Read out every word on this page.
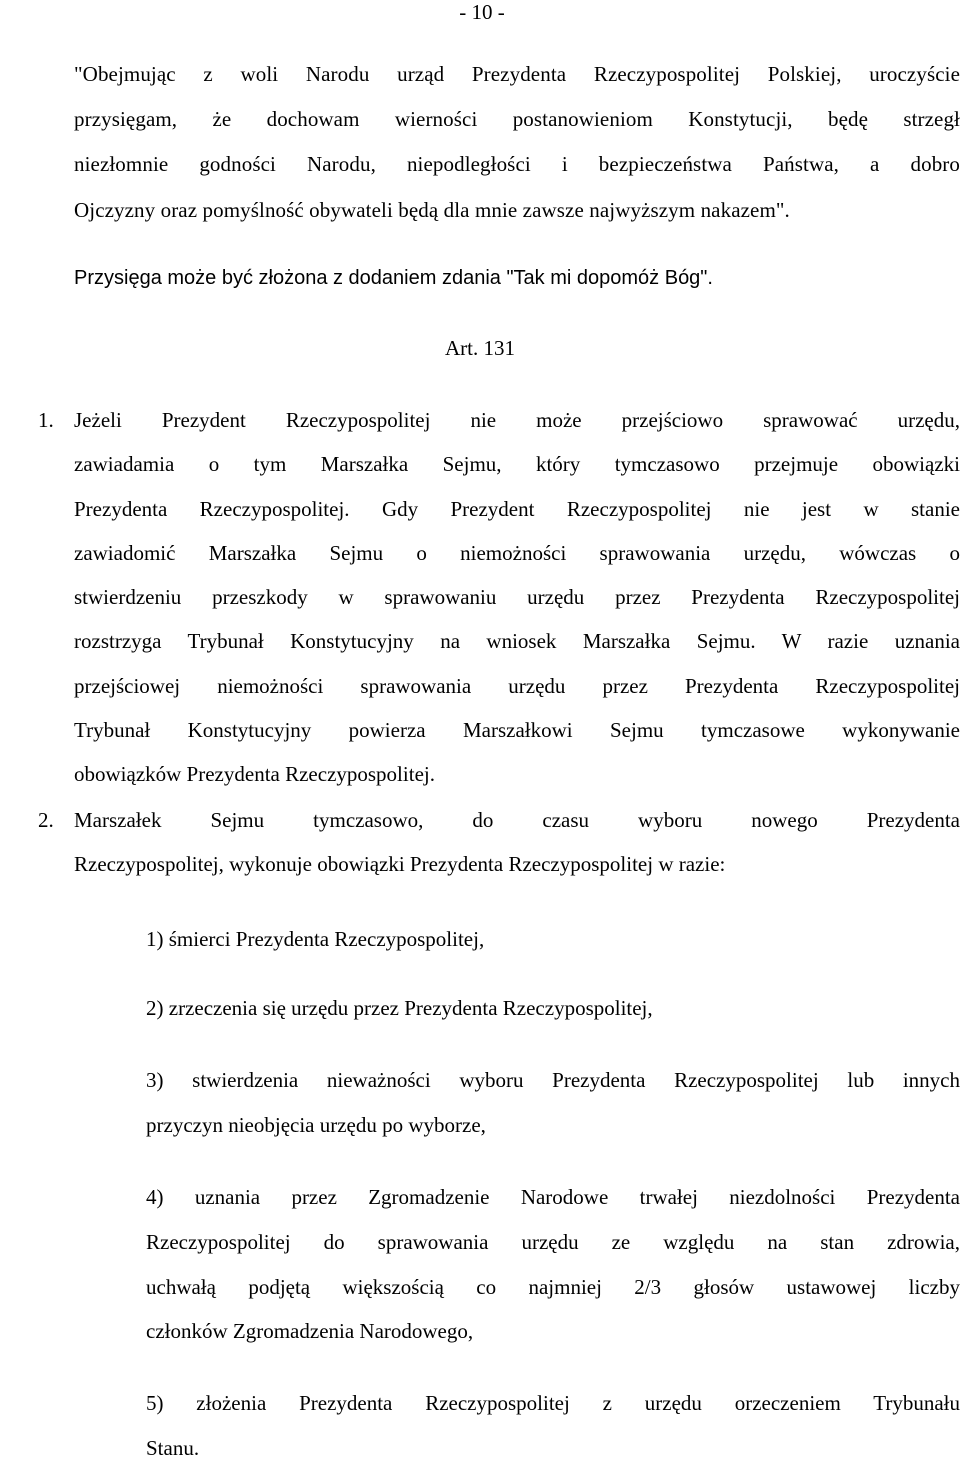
- 10 -
"Obejmując z woli Narodu urząd Prezydenta Rzeczypospolitej Polskiej, uroczyście
przysięgam, że dochowam wierności postanowieniom Konstytucji, będę strzegł
niezłomnie godności Narodu, niepodległości i bezpieczeństwa Państwa, a dobro
Ojczyzny oraz pomyślność obywateli będą dla mnie zawsze najwyższym nakazem".
Przysięga może być złożona z dodaniem zdania "Tak mi dopomóż Bóg".
Art. 131
1. Jeżeli Prezydent Rzeczypospolitej nie może przejściowo sprawować urzędu,
zawiadamia o tym Marszałka Sejmu, który tymczasowo przejmuje obowiązki
Prezydenta Rzeczypospolitej. Gdy Prezydent Rzeczypospolitej nie jest w stanie
zawiadomić Marszałka Sejmu o niemożności sprawowania urzędu, wówczas o
stwierdzeniu przeszkody w sprawowaniu urzędu przez Prezydenta Rzeczypospolitej
rozstrzyga Trybunał Konstytucyjny na wniosek Marszałka Sejmu. W razie uznania
przejściowej niemożności sprawowania urzędu przez Prezydenta Rzeczypospolitej
Trybunał Konstytucyjny powierza Marszałkowi Sejmu tymczasowe wykonywanie
obowiązków Prezydenta Rzeczypospolitej.
2. Marszałek Sejmu tymczasowo, do czasu wyboru nowego Prezydenta
Rzeczypospolitej, wykonuje obowiązki Prezydenta Rzeczypospolitej w razie:
1) śmierci Prezydenta Rzeczypospolitej,
2) zrzeczenia się urzędu przez Prezydenta Rzeczypospolitej,
3) stwierdzenia nieważności wyboru Prezydenta Rzeczypospolitej lub innych
przyczyn nieobjęcia urzędu po wyborze,
4) uznania przez Zgromadzenie Narodowe trwałej niezdolności Prezydenta
Rzeczypospolitej do sprawowania urzędu ze względu na stan zdrowia,
uchwałą podjętą większością co najmniej 2/3 głosów ustawowej liczby
członków Zgromadzenia Narodowego,
5) złożenia Prezydenta Rzeczypospolitej z urzędu orzeczeniem Trybunału
Stanu.
